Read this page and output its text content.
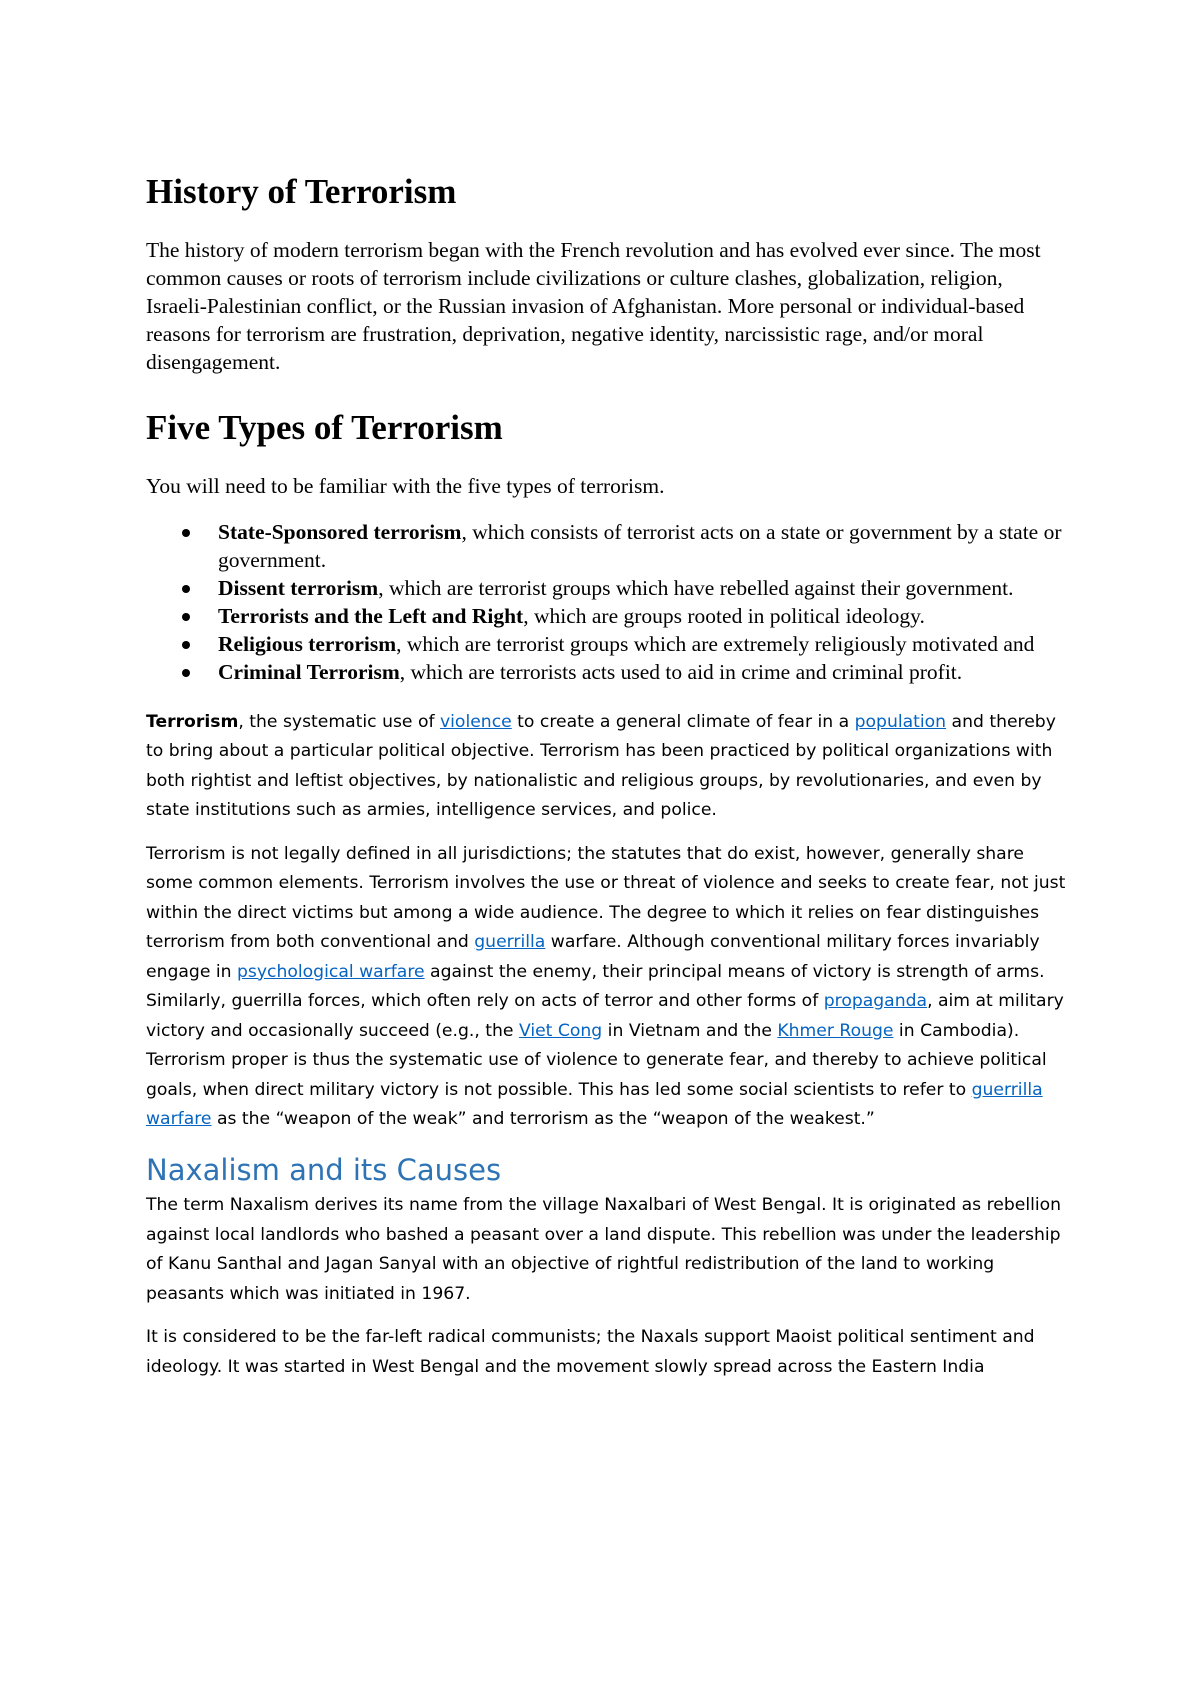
History of Terrorism

The history of modern terrorism began with the French revolution and has evolved ever since. The most common causes or roots of terrorism include civilizations or culture clashes, globalization, religion, Israeli-Palestinian conflict, or the Russian invasion of Afghanistan. More personal or individual-based reasons for terrorism are frustration, deprivation, negative identity, narcissistic rage, and/or moral disengagement.

Five Types of Terrorism

You will need to be familiar with the five types of terrorism.

State-Sponsored terrorism, which consists of terrorist acts on a state or government by a state or government.
Dissent terrorism, which are terrorist groups which have rebelled against their government.
Terrorists and the Left and Right, which are groups rooted in political ideology.
Religious terrorism, which are terrorist groups which are extremely religiously motivated and
Criminal Terrorism, which are terrorists acts used to aid in crime and criminal profit.

Terrorism, the systematic use of violence to create a general climate of fear in a population and thereby to bring about a particular political objective. Terrorism has been practiced by political organizations with both rightist and leftist objectives, by nationalistic and religious groups, by revolutionaries, and even by state institutions such as armies, intelligence services, and police.

Terrorism is not legally defined in all jurisdictions; the statutes that do exist, however, generally share some common elements. Terrorism involves the use or threat of violence and seeks to create fear, not just within the direct victims but among a wide audience. The degree to which it relies on fear distinguishes terrorism from both conventional and guerrilla warfare. Although conventional military forces invariably engage in psychological warfare against the enemy, their principal means of victory is strength of arms. Similarly, guerrilla forces, which often rely on acts of terror and other forms of propaganda, aim at military victory and occasionally succeed (e.g., the Viet Cong in Vietnam and the Khmer Rouge in Cambodia). Terrorism proper is thus the systematic use of violence to generate fear, and thereby to achieve political goals, when direct military victory is not possible. This has led some social scientists to refer to guerrilla warfare as the “weapon of the weak” and terrorism as the “weapon of the weakest.”

Naxalism and its Causes

The term Naxalism derives its name from the village Naxalbari of West Bengal. It is originated as rebellion against local landlords who bashed a peasant over a land dispute. This rebellion was under the leadership of Kanu Santhal and Jagan Sanyal with an objective of rightful redistribution of the land to working peasants which was initiated in 1967.

It is considered to be the far-left radical communists; the Naxals support Maoist political sentiment and ideology. It was started in West Bengal and the movement slowly spread across the Eastern India
